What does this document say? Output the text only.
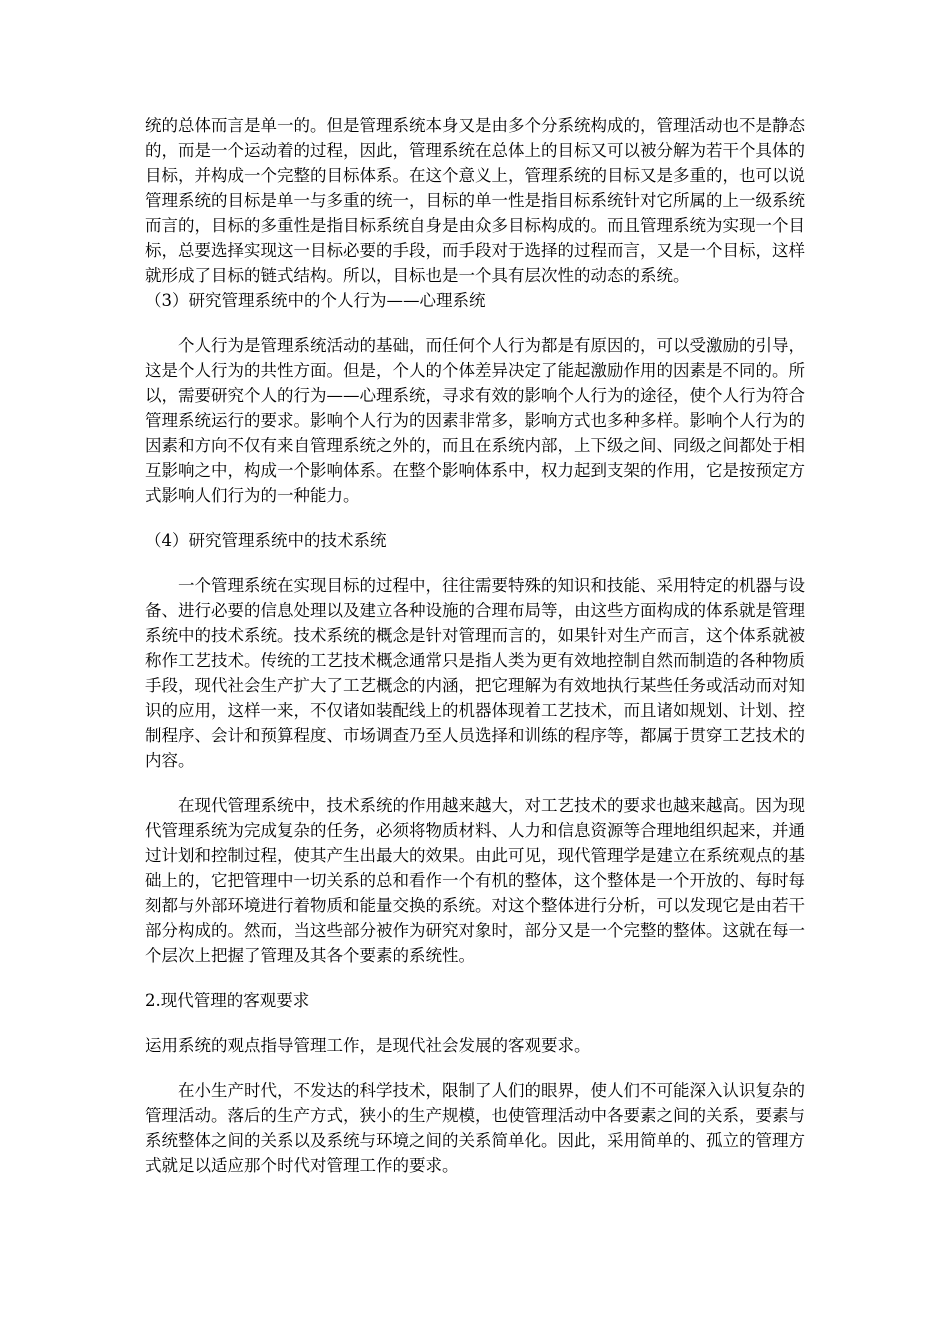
统的总体而言是单一的。但是管理系统本身又是由多个分系统构成的，管理活动也不是静态的，而是一个运动着的过程，因此，管理系统在总体上的目标又可以被分解为若干个具体的目标，并构成一个完整的目标体系。在这个意义上，管理系统的目标又是多重的，也可以说管理系统的目标是单一与多重的统一，目标的单一性是指目标系统针对它所属的上一级系统而言的，目标的多重性是指目标系统自身是由众多目标构成的。而且管理系统为实现一个目标，总要选择实现这一目标必要的手段，而手段对于选择的过程而言，又是一个目标，这样就形成了目标的链式结构。所以，目标也是一个具有层次性的动态的系统。

（3）研究管理系统中的个人行为——心理系统

个人行为是管理系统活动的基础，而任何个人行为都是有原因的，可以受激励的引导，这是个人行为的共性方面。但是，个人的个体差异决定了能起激励作用的因素是不同的。所以，需要研究个人的行为——心理系统，寻求有效的影响个人行为的途径，使个人行为符合管理系统运行的要求。影响个人行为的因素非常多，影响方式也多种多样。影响个人行为的因素和方向不仅有来自管理系统之外的，而且在系统内部，上下级之间、同级之间都处于相互影响之中，构成一个影响体系。在整个影响体系中，权力起到支架的作用，它是按预定方式影响人们行为的一种能力。

（4）研究管理系统中的技术系统

一个管理系统在实现目标的过程中，往往需要特殊的知识和技能、采用特定的机器与设备、进行必要的信息处理以及建立各种设施的合理布局等，由这些方面构成的体系就是管理系统中的技术系统。技术系统的概念是针对管理而言的，如果针对生产而言，这个体系就被称作工艺技术。传统的工艺技术概念通常只是指人类为更有效地控制自然而制造的各种物质手段，现代社会生产扩大了工艺概念的内涵，把它理解为有效地执行某些任务或活动而对知识的应用，这样一来，不仅诸如装配线上的机器体现着工艺技术，而且诸如规划、计划、控制程序、会计和预算程度、市场调查乃至人员选择和训练的程序等，都属于贯穿工艺技术的内容。

在现代管理系统中，技术系统的作用越来越大，对工艺技术的要求也越来越高。因为现代管理系统为完成复杂的任务，必须将物质材料、人力和信息资源等合理地组织起来，并通过计划和控制过程，使其产生出最大的效果。由此可见，现代管理学是建立在系统观点的基础上的，它把管理中一切关系的总和看作一个有机的整体，这个整体是一个开放的、每时每刻都与外部环境进行着物质和能量交换的系统。对这个整体进行分析，可以发现它是由若干部分构成的。然而，当这些部分被作为研究对象时，部分又是一个完整的整体。这就在每一个层次上把握了管理及其各个要素的系统性。

2.现代管理的客观要求

运用系统的观点指导管理工作，是现代社会发展的客观要求。

在小生产时代，不发达的科学技术，限制了人们的眼界，使人们不可能深入认识复杂的管理活动。落后的生产方式，狭小的生产规模，也使管理活动中各要素之间的关系，要素与系统整体之间的关系以及系统与环境之间的关系简单化。因此，采用简单的、孤立的管理方式就足以适应那个时代对管理工作的要求。
